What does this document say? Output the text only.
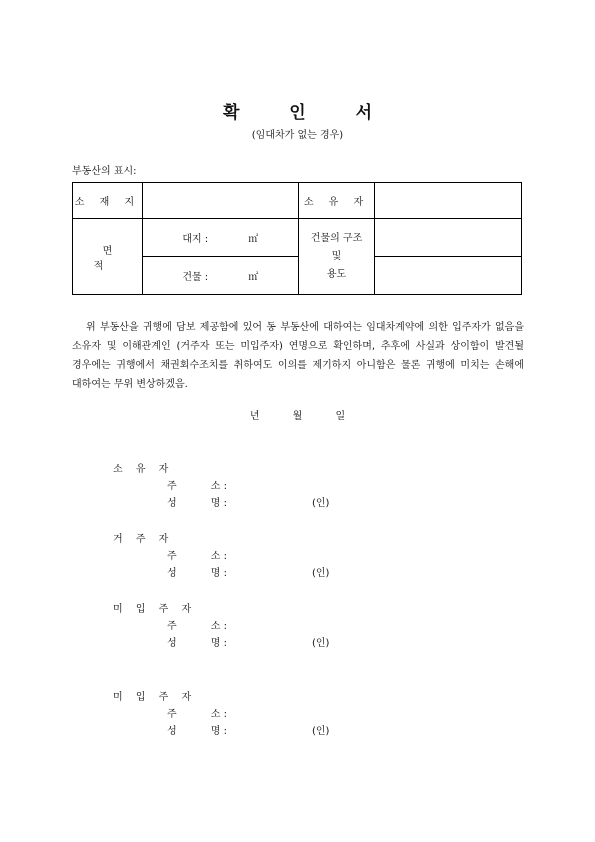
확 인 서
(임대차가 없는 경우)
부동산의 표시:
소 재 지		소 유 자	
면 적	대지 : ㎡	건물의 구조
및
용도	

	건물 : ㎡		
위 부동산을 귀행에 담보 제공함에 있어 동 부동산에 대하여는 임대차계약에 의한 입주자가 없음을 소유자 및 이해관계인 (거주자 또는 미입주자) 연명으로 확인하며, 추후에 사실과 상이함이 발견될 경우에는 귀행에서 채권회수조치를 취하여도 이의를 제기하지 아니함은 물론 귀행에 미치는 손해에 대하여는 무위 변상하겠음.
년 월 일
소 유 자
주	소 :
성	명 :	(인)
거 주 자
주	소 :
성	명 :	(인)
미 입 주 자
주	소 :
성	명 :	(인)
미 입 주 자
주	소 :
성	명 :	(인)
